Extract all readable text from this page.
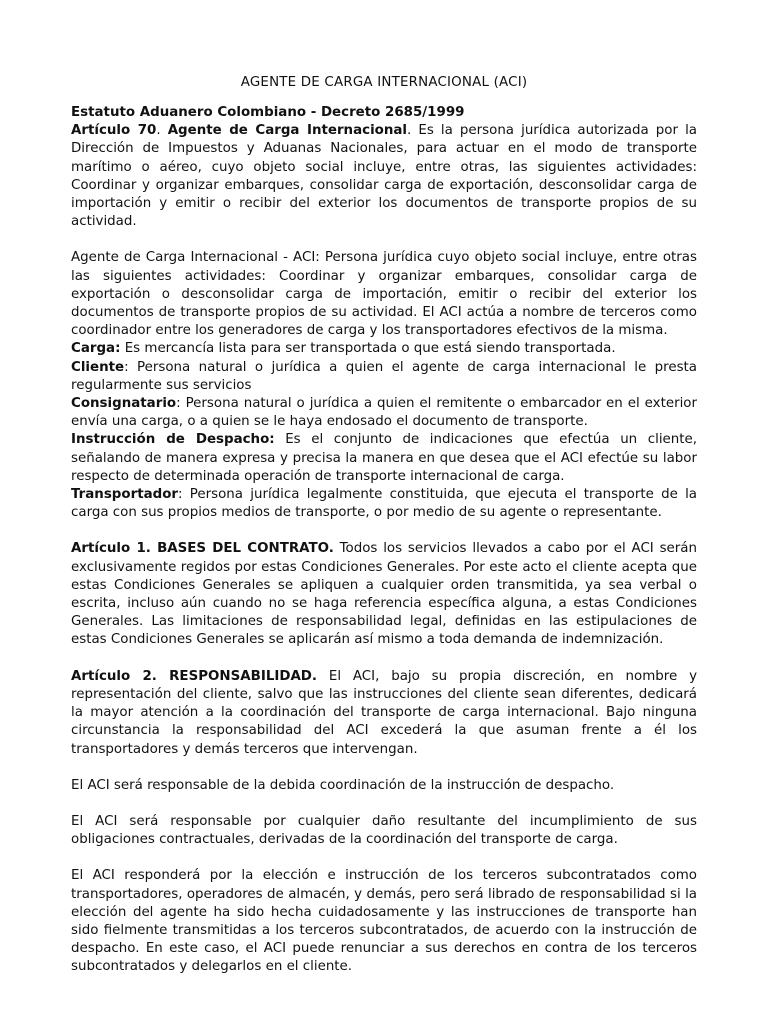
AGENTE DE CARGA INTERNACIONAL (ACI)

Estatuto Aduanero Colombiano - Decreto 2685/1999

Artículo 70. Agente de Carga Internacional. Es la persona jurídica autorizada por la Dirección de Impuestos y Aduanas Nacionales, para actuar en el modo de transporte marítimo o aéreo, cuyo objeto social incluye, entre otras, las siguientes actividades: Coordinar y organizar embarques, consolidar carga de exportación, desconsolidar carga de importación y emitir o recibir del exterior los documentos de transporte propios de su actividad.

Agente de Carga Internacional - ACI: Persona jurídica cuyo objeto social incluye, entre otras las siguientes actividades: Coordinar y organizar embarques, consolidar carga de exportación o desconsolidar carga de importación, emitir o recibir del exterior los documentos de transporte propios de su actividad. El ACI actúa a nombre de terceros como coordinador entre los generadores de carga y los transportadores efectivos de la misma.

Carga: Es mercancía lista para ser transportada o que está siendo transportada.

Cliente: Persona natural o jurídica a quien el agente de carga internacional le presta regularmente sus servicios

Consignatario: Persona natural o jurídica a quien el remitente o embarcador en el exterior envía una carga, o a quien se le haya endosado el documento de transporte.

Instrucción de Despacho: Es el conjunto de indicaciones que efectúa un cliente, señalando de manera expresa y precisa la manera en que desea que el ACI efectúe su labor respecto de determinada operación de transporte internacional de carga.

Transportador: Persona jurídica legalmente constituida, que ejecuta el transporte de la carga con sus propios medios de transporte, o por medio de su agente o representante.

Artículo 1. BASES DEL CONTRATO. Todos los servicios llevados a cabo por el ACI serán exclusivamente regidos por estas Condiciones Generales. Por este acto el cliente acepta que estas Condiciones Generales se apliquen a cualquier orden transmitida, ya sea verbal o escrita, incluso aún cuando no se haga referencia específica alguna, a estas Condiciones Generales. Las limitaciones de responsabilidad legal, definidas en las estipulaciones de estas Condiciones Generales se aplicarán así mismo a toda demanda de indemnización.

Artículo 2. RESPONSABILIDAD. El ACI, bajo su propia discreción, en nombre y representación del cliente, salvo que las instrucciones del cliente sean diferentes, dedicará la mayor atención a la coordinación del transporte de carga internacional. Bajo ninguna circunstancia la responsabilidad del ACI excederá la que asuman frente a él los transportadores y demás terceros que intervengan.

El ACI será responsable de la debida coordinación de la instrucción de despacho.

El ACI será responsable por cualquier daño resultante del incumplimiento de sus obligaciones contractuales, derivadas de la coordinación del transporte de carga.

El ACI responderá por la elección e instrucción de los terceros subcontratados como transportadores, operadores de almacén, y demás, pero será librado de responsabilidad si la elección del agente ha sido hecha cuidadosamente y las instrucciones de transporte han sido fielmente transmitidas a los terceros subcontratados, de acuerdo con la instrucción de despacho. En este caso, el ACI puede renunciar a sus derechos en contra de los terceros subcontratados y delegarlos en el cliente.
